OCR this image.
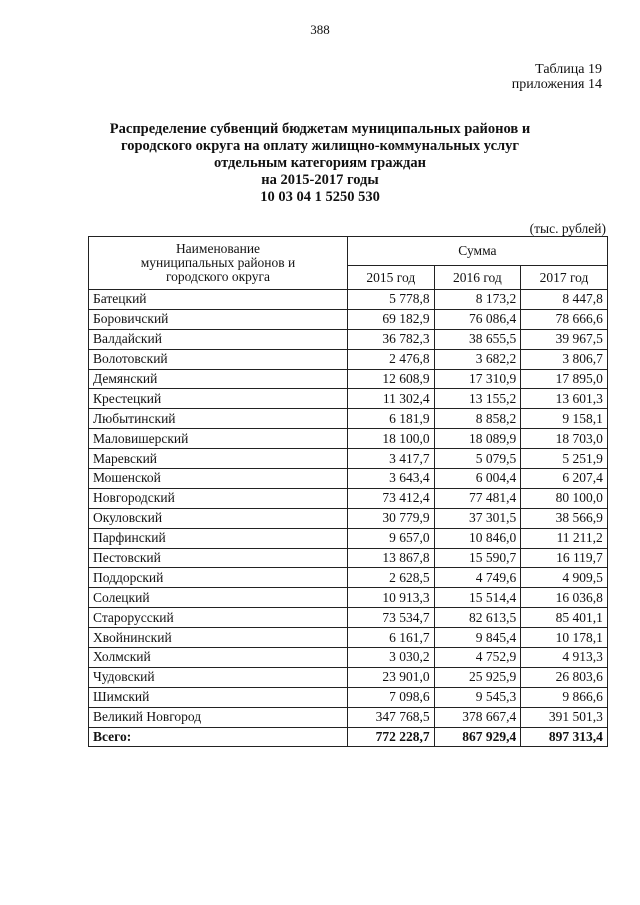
388
Таблица 19
приложения 14
Распределение субвенций бюджетам муниципальных районов и
городского округа на оплату жилищно-коммунальных услуг
отдельным категориям граждан
на 2015-2017 годы
10 03 04 1 5250 530
(тыс. рублей)
Наименование
муниципальных районов и
городского округа	Сумма		
	2015 год	2016 год	2017 год
Батецкий	5 778,8	8 173,2	8 447,8
Боровичский	69 182,9	76 086,4	78 666,6
Валдайский	36 782,3	38 655,5	39 967,5
Волотовский	2 476,8	3 682,2	3 806,7
Демянский	12 608,9	17 310,9	17 895,0
Крестецкий	11 302,4	13 155,2	13 601,3
Любытинский	6 181,9	8 858,2	9 158,1
Маловишерский	18 100,0	18 089,9	18 703,0
Маревский	3 417,7	5 079,5	5 251,9
Мошенской	3 643,4	6 004,4	6 207,4
Новгородский	73 412,4	77 481,4	80 100,0
Окуловский	30 779,9	37 301,5	38 566,9
Парфинский	9 657,0	10 846,0	11 211,2
Пестовский	13 867,8	15 590,7	16 119,7
Поддорский	2 628,5	4 749,6	4 909,5
Солецкий	10 913,3	15 514,4	16 036,8
Старорусский	73 534,7	82 613,5	85 401,1
Хвойнинский	6 161,7	9 845,4	10 178,1
Холмский	3 030,2	4 752,9	4 913,3
Чудовский	23 901,0	25 925,9	26 803,6
Шимский	7 098,6	9 545,3	9 866,6
Великий Новгород	347 768,5	378 667,4	391 501,3
Всего:	772 228,7	867 929,4	897 313,4
